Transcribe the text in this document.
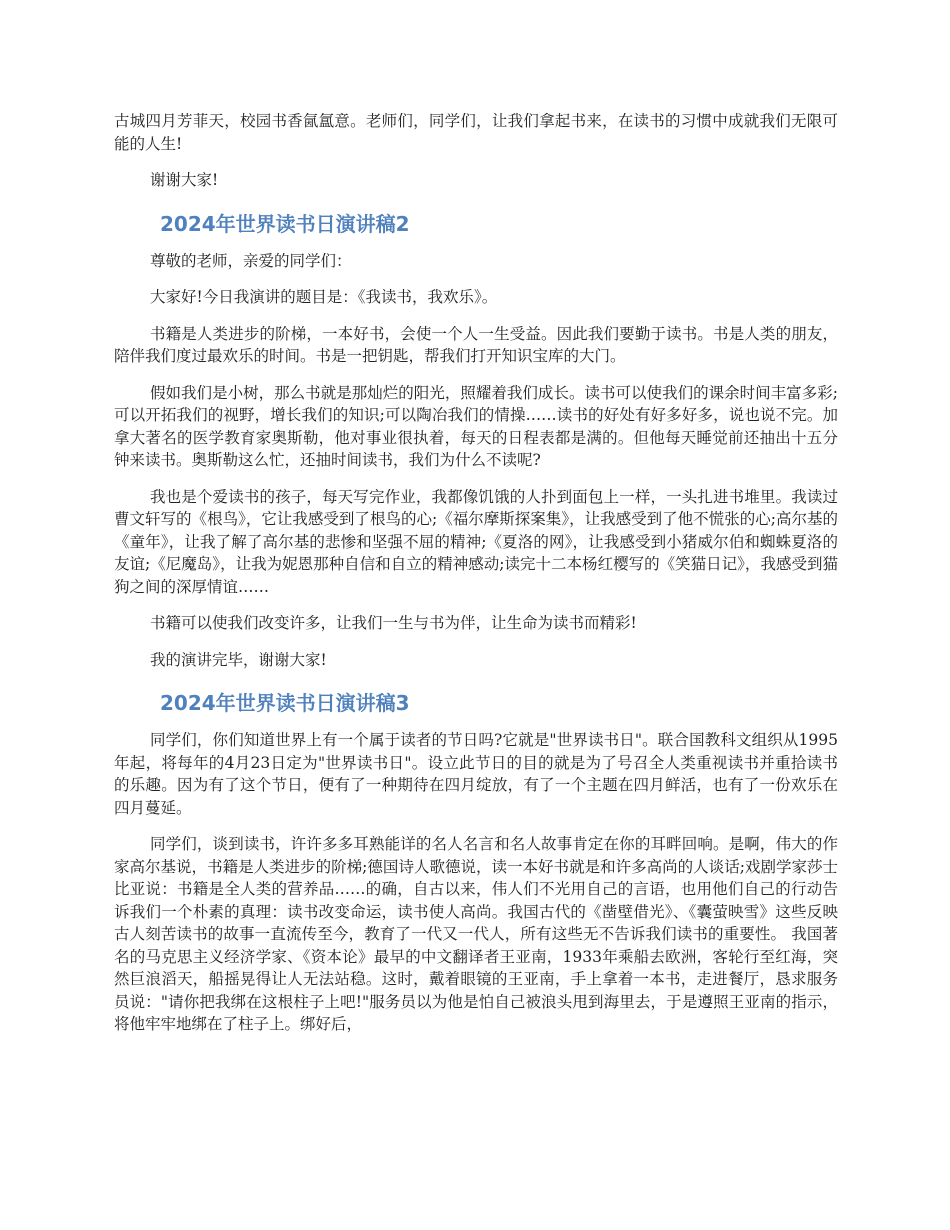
古城四月芳菲天，校园书香氤氲意。老师们，同学们，让我们拿起书来，在读书的习惯中成就我们无限可能的人生!

谢谢大家!

2024年世界读书日演讲稿2

尊敬的老师，亲爱的同学们：

大家好!今日我演讲的题目是：《我读书，我欢乐》。

书籍是人类进步的阶梯，一本好书，会使一个人一生受益。因此我们要勤于读书。书是人类的朋友，陪伴我们度过最欢乐的时间。书是一把钥匙，帮我们打开知识宝库的大门。

假如我们是小树，那么书就是那灿烂的阳光，照耀着我们成长。读书可以使我们的课余时间丰富多彩;可以开拓我们的视野，增长我们的知识;可以陶冶我们的情操……读书的好处有好多好多，说也说不完。加拿大著名的医学教育家奥斯勒，他对事业很执着，每天的日程表都是满的。但他每天睡觉前还抽出十五分钟来读书。奥斯勒这么忙，还抽时间读书，我们为什么不读呢?

我也是个爱读书的孩子，每天写完作业，我都像饥饿的人扑到面包上一样，一头扎进书堆里。我读过曹文轩写的《根鸟》，它让我感受到了根鸟的心;《福尔摩斯探案集》，让我感受到了他不慌张的心;高尔基的《童年》，让我了解了高尔基的悲惨和坚强不屈的精神;《夏洛的网》，让我感受到小猪威尔伯和蜘蛛夏洛的友谊;《尼魔岛》，让我为妮恩那种自信和自立的精神感动;读完十二本杨红樱写的《笑猫日记》，我感受到猫狗之间的深厚情谊……

书籍可以使我们改变许多，让我们一生与书为伴，让生命为读书而精彩!

我的演讲完毕，谢谢大家!

2024年世界读书日演讲稿3

同学们，你们知道世界上有一个属于读者的节日吗?它就是"世界读书日"。联合国教科文组织从1995年起，将每年的4月23日定为"世界读书日"。设立此节日的目的就是为了号召全人类重视读书并重拾读书的乐趣。因为有了这个节日，便有了一种期待在四月绽放，有了一个主题在四月鲜活，也有了一份欢乐在四月蔓延。

同学们，谈到读书，许许多多耳熟能详的名人名言和名人故事肯定在你的耳畔回响。是啊，伟大的作家高尔基说，书籍是人类进步的阶梯;德国诗人歌德说，读一本好书就是和许多高尚的人谈话;戏剧学家莎士比亚说：书籍是全人类的营养品……的确，自古以来，伟人们不光用自己的言语，也用他们自己的行动告诉我们一个朴素的真理：读书改变命运，读书使人高尚。我国古代的《凿壁借光》、《囊萤映雪》这些反映古人刻苦读书的故事一直流传至今，教育了一代又一代人，所有这些无不告诉我们读书的重要性。 我国著名的马克思主义经济学家、《资本论》最早的中文翻译者王亚南，1933年乘船去欧洲，客轮行至红海，突然巨浪滔天，船摇晃得让人无法站稳。这时，戴着眼镜的王亚南，手上拿着一本书，走进餐厅，恳求服务员说："请你把我绑在这根柱子上吧!"服务员以为他是怕自己被浪头甩到海里去，于是遵照王亚南的指示，将他牢牢地绑在了柱子上。绑好后，
